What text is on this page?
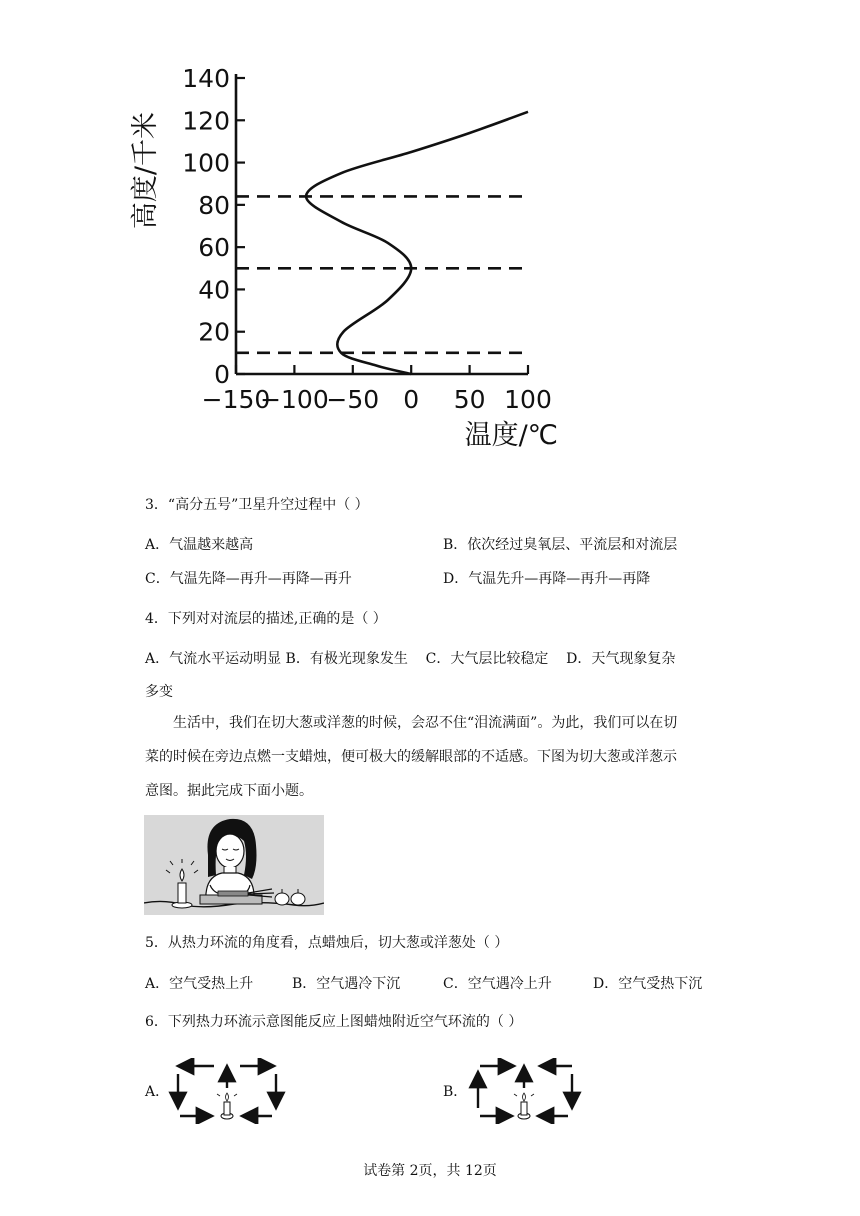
0
20
40
60
80
100
120
140
−150
−100
−50 0 50 100
高度/千米
温度/℃
3．“高分五号”卫星升空过程中（ ）
A．气温越来越高	B．依次经过臭氧层、平流层和对流层
C．气温先降—再升—再降—再升	D．气温先升—再降—再升—再降
4．下列对对流层的描述,正确的是（ ）
A．气流水平运动明显 B．有极光现象发生    C．大气层比较稳定    D．天气现象复杂
多变
生活中，我们在切大葱或洋葱的时候，会忍不住“泪流满面”。为此，我们可以在切
菜的时候在旁边点燃一支蜡烛，便可极大的缓解眼部的不适感。下图为切大葱或洋葱示
意图。据此完成下面小题。
5．从热力环流的角度看，点蜡烛后，切大葱或洋葱处（ ）
A．空气受热上升	B．空气遇冷下沉	C．空气遇冷上升	D．空气受热下沉
6．下列热力环流示意图能反应上图蜡烛附近空气环流的（ ）
A．	B．
试卷第 2页，共 12页
